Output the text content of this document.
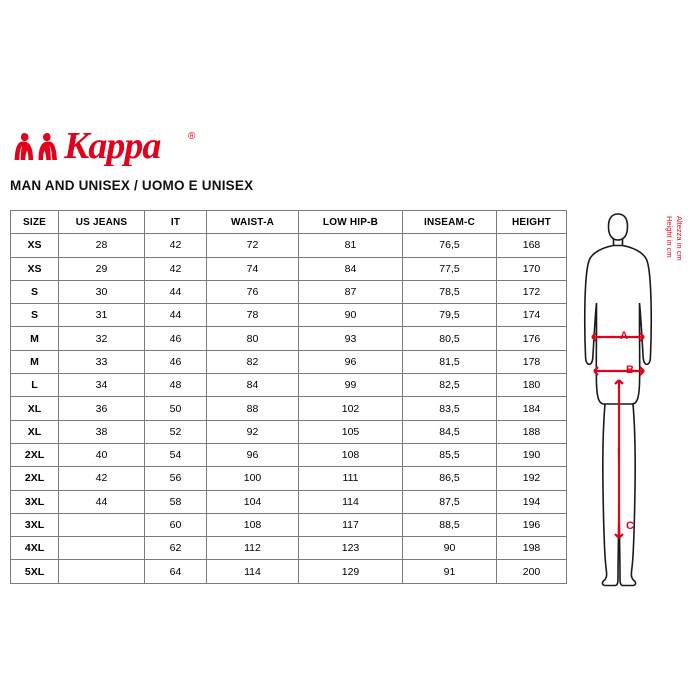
Kappa	®
MAN AND UNISEX / UOMO E UNISEX
SIZE	US JEANS	IT	WAIST-A	LOW HIP-B	INSEAM-C	HEIGHT
XS	28	42	72	81	76,5	168
XS	29	42	74	84	77,5	170
S	30	44	76	87	78,5	172
S	31	44	78	90	79,5	174
M	32	46	80	93	80,5	176
M	33	46	82	96	81,5	178
L	34	48	84	99	82,5	180
XL	36	50	88	102	83,5	184
XL	38	52	92	105	84,5	188
2XL	40	54	96	108	85,5	190
2XL	42	56	100	111	86,5	192
3XL	44	58	104	114	87,5	194
3XL		60	108	117	88,5	196
4XL		62	112	123	90	198
5XL		64	114	129	91	200
A
B
C
Height in cm Altezza in cm
